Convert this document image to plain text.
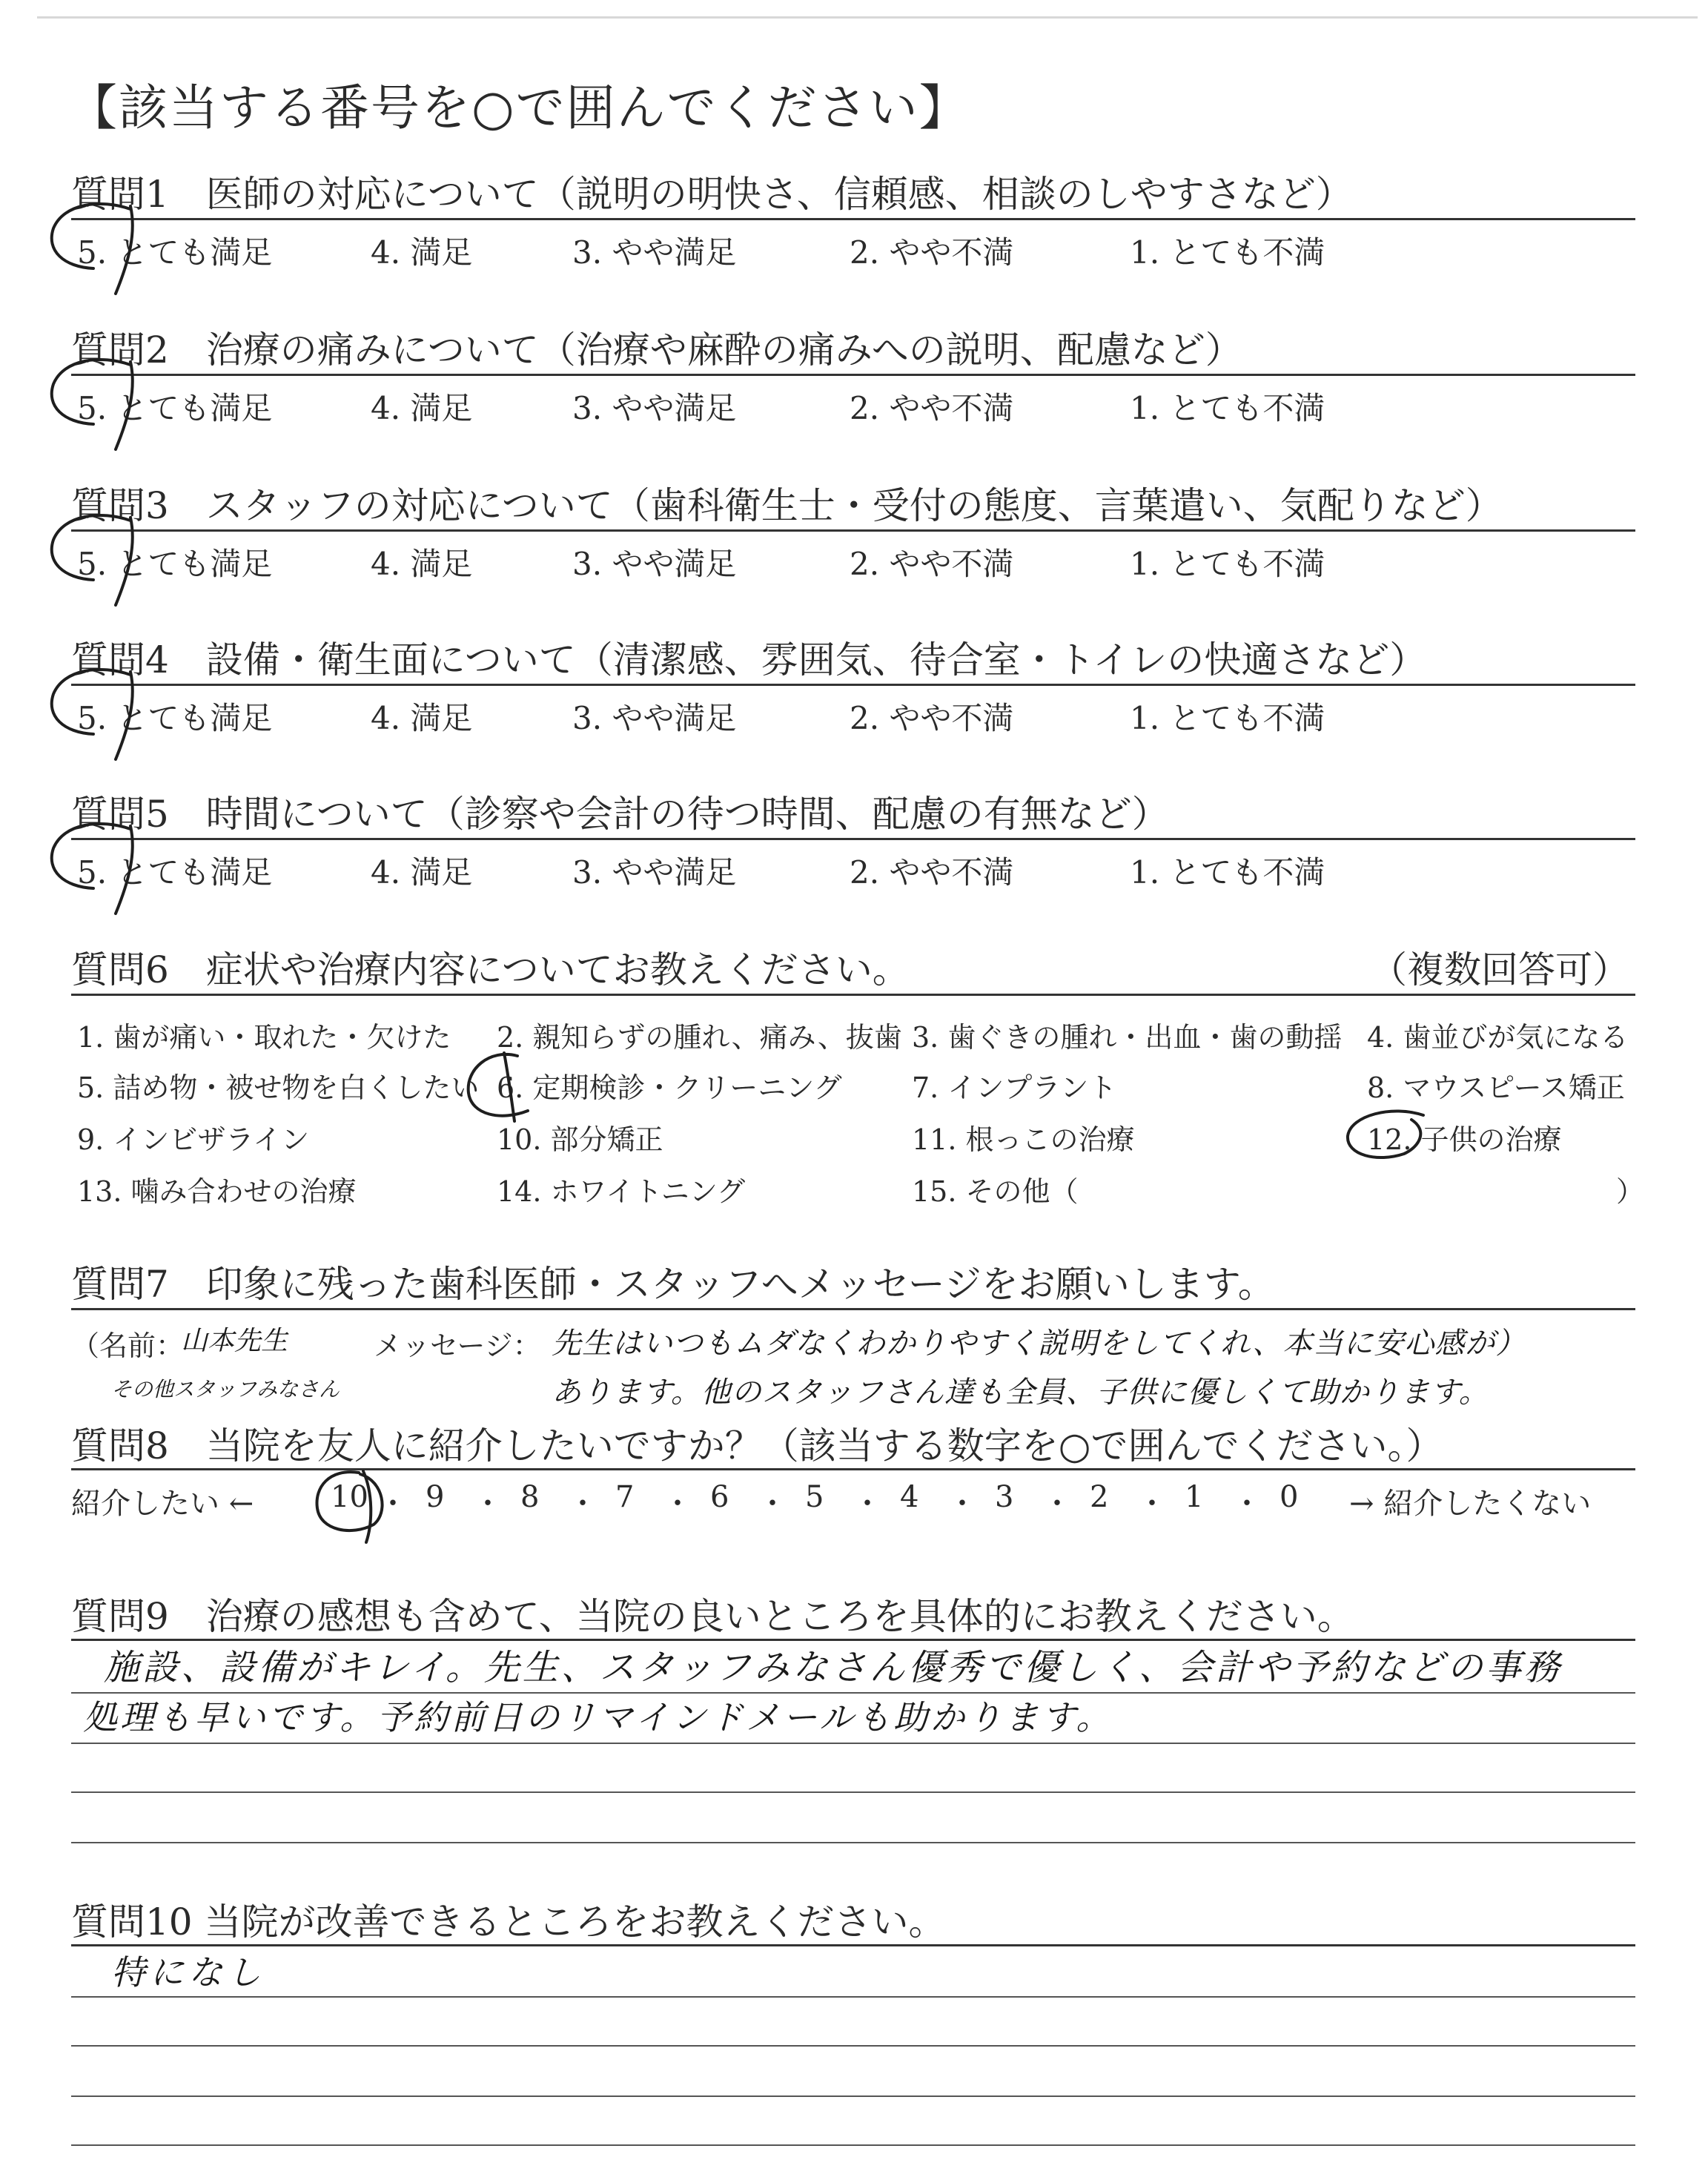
【該当する番号を○で囲んでください】
質問1　医師の対応について（説明の明快さ、信頼感、相談のしやすさなど）
5. とても満足	4. 満足	3. やや満足	2. やや不満	1. とても不満
質問2　治療の痛みについて（治療や麻酔の痛みへの説明、配慮など）
5. とても満足	4. 満足	3. やや満足	2. やや不満	1. とても不満
質問3　スタッフの対応について（歯科衛生士・受付の態度、言葉遣い、気配りなど）
5. とても満足	4. 満足	3. やや満足	2. やや不満	1. とても不満
質問4　設備・衛生面について（清潔感、雰囲気、待合室・トイレの快適さなど）
5. とても満足	4. 満足	3. やや満足	2. やや不満	1. とても不満
質問5　時間について（診察や会計の待つ時間、配慮の有無など）
5. とても満足	4. 満足	3. やや満足	2. やや不満	1. とても不満
質問6　症状や治療内容についてお教えください。	（複数回答可）
1. 歯が痛い・取れた・欠けた 2. 親知らずの腫れ、痛み、抜歯 3. 歯ぐきの腫れ・出血・歯の動揺 4. 歯並びが気になる
5. 詰め物・被せ物を白くしたい 6. 定期検診・クリーニング 7. インプラント	8. マウスピース矯正
9. インビザライン	10. 部分矯正	11. 根っこの治療	12. 子供の治療
13. 噛み合わせの治療	14. ホワイトニング	15. その他（	）
質問7　印象に残った歯科医師・スタッフへメッセージをお願いします。
（名前：
山本先生	メッセージ： 先生はいつもムダなくわかりやすく説明をしてくれ、本当に安心感が）
その他スタッフみなさん	あります。他のスタッフさん達も全員、子供に優しくて助かります。
質問8　当院を友人に紹介したいですか？（該当する数字を○で囲んでください。）
紹介したい ←	10 ・ 9 ・ 8 ・ 7 ・ 6 ・ 5 ・ 4 ・ 3 ・ 2 ・ 1 ・ 0 → 紹介したくない
質問9　治療の感想も含めて、当院の良いところを具体的にお教えください。
施設、設備がキレイ。先生、スタッフみなさん優秀で優しく、会計や予約などの事務
処理も早いです。予約前日のリマインドメールも助かります。
質問10 当院が改善できるところをお教えください。
特になし
